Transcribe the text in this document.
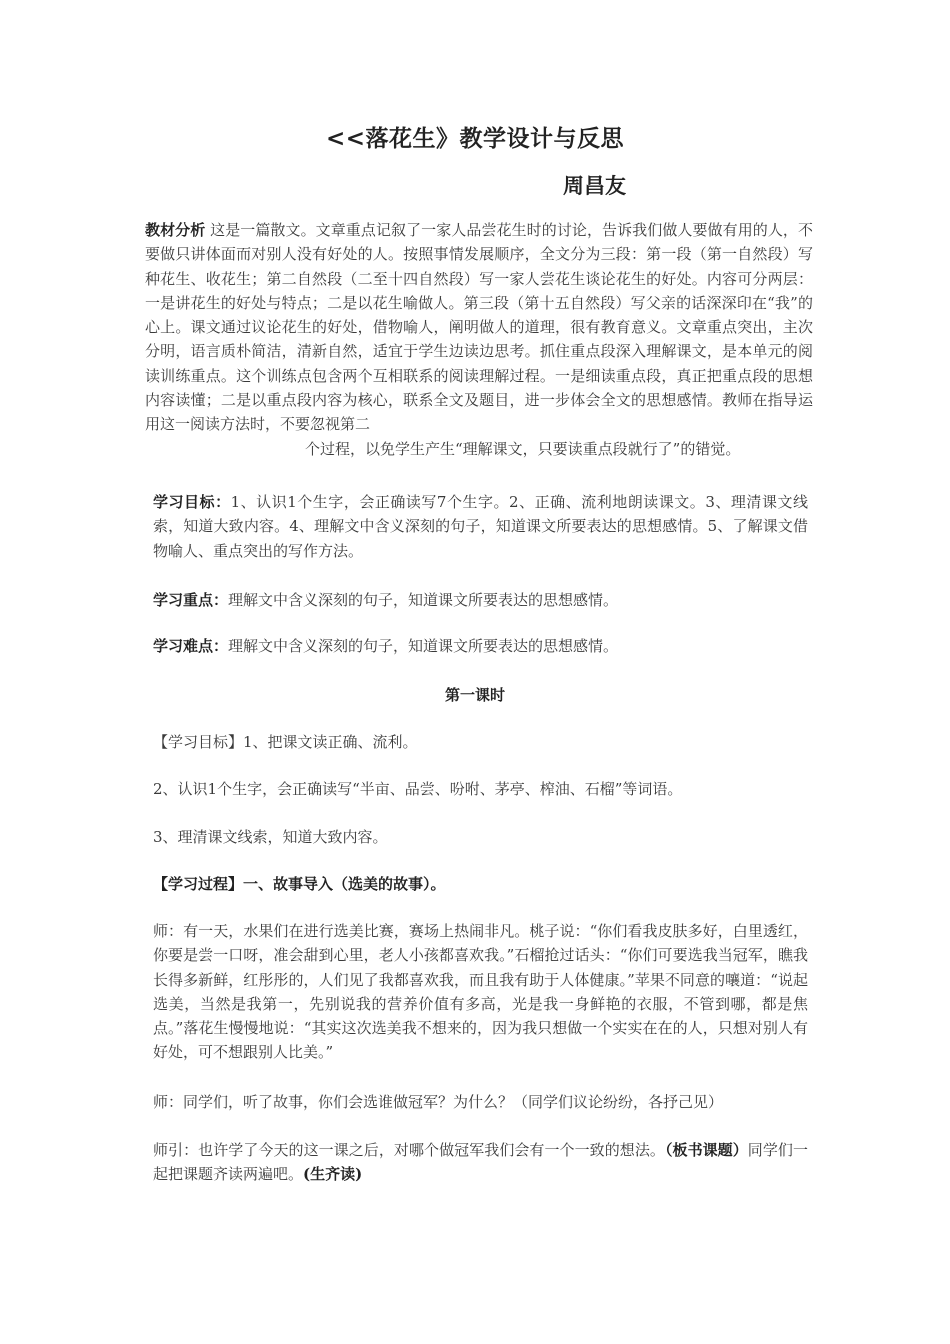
<<落花生》教学设计与反思
周昌友

教材分析 这是一篇散文。文章重点记叙了一家人品尝花生时的讨论，告诉我们做人要做有用的人，不要做只讲体面而对别人没有好处的人。按照事情发展顺序，全文分为三段：第一段（第一自然段）写种花生、收花生；第二自然段（二至十四自然段）写一家人尝花生谈论花生的好处。内容可分两层：一是讲花生的好处与特点；二是以花生喻做人。第三段（第十五自然段）写父亲的话深深印在“我”的心上。课文通过议论花生的好处，借物喻人，阐明做人的道理，很有教育意义。文章重点突出，主次分明，语言质朴简洁，清新自然，适宜于学生边读边思考。抓住重点段深入理解课文，是本单元的阅读训练重点。这个训练点包含两个互相联系的阅读理解过程。一是细读重点段，真正把重点段的思想内容读懂；二是以重点段内容为核心，联系全文及题目，进一步体会全文的思想感情。教师在指导运用这一阅读方法时，不要忽视第二
个过程，以免学生产生“理解课文，只要读重点段就行了”的错觉。

学习目标：1、认识1个生字，会正确读写7个生字。2、正确、流利地朗读课文。3、理清课文线索，知道大致内容。4、理解文中含义深刻的句子，知道课文所要表达的思想感情。5、了解课文借物喻人、重点突出的写作方法。

学习重点：理解文中含义深刻的句子，知道课文所要表达的思想感情。

学习难点：理解文中含义深刻的句子，知道课文所要表达的思想感情。

第一课时

【学习目标】1、把课文读正确、流利。

2、认识1个生字，会正确读写“半亩、品尝、吩咐、茅亭、榨油、石榴”等词语。

3、理清课文线索，知道大致内容。

【学习过程】一、故事导入（选美的故事）。

师：有一天，水果们在进行选美比赛，赛场上热闹非凡。桃子说：“你们看我皮肤多好，白里透红，你要是尝一口呀，准会甜到心里，老人小孩都喜欢我。”石榴抢过话头：“你们可要选我当冠军，瞧我长得多新鲜，红彤彤的，人们见了我都喜欢我，而且我有助于人体健康。”苹果不同意的嚷道：“说起选美，当然是我第一，先别说我的营养价值有多高，光是我一身鲜艳的衣服，不管到哪，都是焦点。”落花生慢慢地说：“其实这次选美我不想来的，因为我只想做一个实实在在的人，只想对别人有好处，可不想跟别人比美。”

师：同学们，听了故事，你们会选谁做冠军？为什么？（同学们议论纷纷，各抒己见）

师引：也许学了今天的这一课之后，对哪个做冠军我们会有一个一致的想法。（板书课题）同学们一起把课题齐读两遍吧。(生齐读)
